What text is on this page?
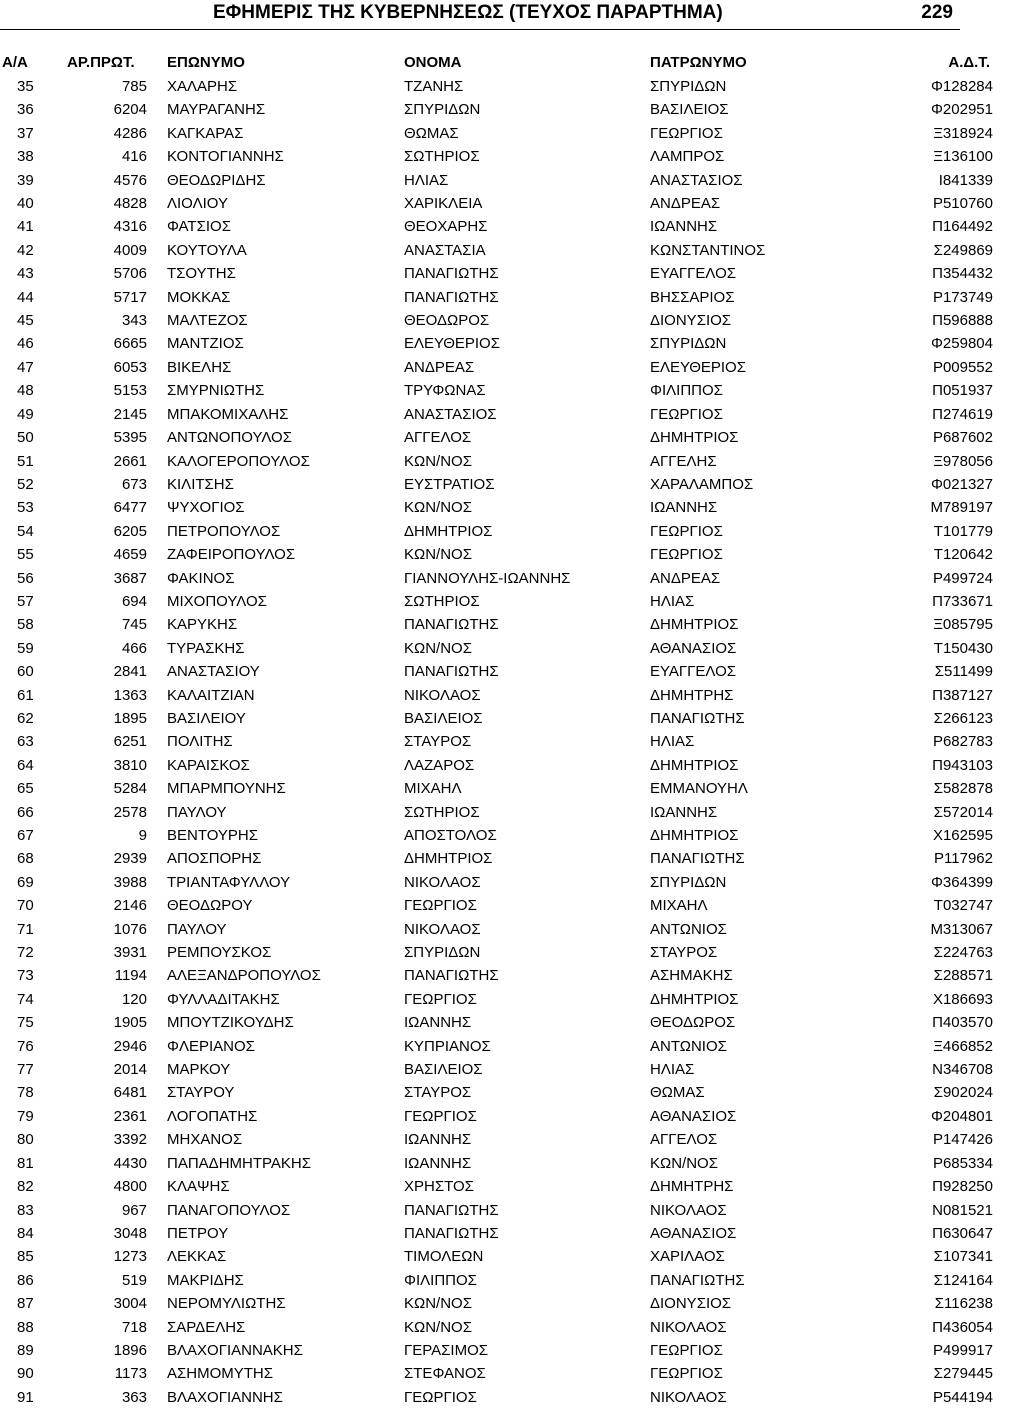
ΕΦΗΜΕΡΙΣ ΤΗΣ ΚΥΒΕΡΝΗΣΕΩΣ (ΤΕΥΧΟΣ ΠΑΡΑΡΤΗΜΑ)	229
Α/Α	ΑΡ.ΠΡΩΤ.	ΕΠΩΝΥΜΟ	ΟΝΟΜΑ	ΠΑΤΡΩΝΥΜΟ	Α.Δ.Τ.
35	785	ΧΑΛΑΡΗΣ	ΤΖΑΝΗΣ	ΣΠΥΡΙΔΩΝ	Φ128284
36	6204	ΜΑΥΡΑΓΑΝΗΣ	ΣΠΥΡΙΔΩΝ	ΒΑΣΙΛΕΙΟΣ	Φ202951
37	4286	ΚΑΓΚΑΡΑΣ	ΘΩΜΑΣ	ΓΕΩΡΓΙΟΣ	Ξ318924
38	416	ΚΟΝΤΟΓΙΑΝΝΗΣ	ΣΩΤΗΡΙΟΣ	ΛΑΜΠΡΟΣ	Ξ136100
39	4576	ΘΕΟΔΩΡΙΔΗΣ	ΗΛΙΑΣ	ΑΝΑΣΤΑΣΙΟΣ	Ι841339
40	4828	ΛΙΟΛΙΟΥ	ΧΑΡΙΚΛΕΙΑ	ΑΝΔΡΕΑΣ	Ρ510760
41	4316	ΦΑΤΣΙΟΣ	ΘΕΟΧΑΡΗΣ	ΙΩΑΝΝΗΣ	Π164492
42	4009	ΚΟΥΤΟΥΛΑ	ΑΝΑΣΤΑΣΙΑ	ΚΩΝΣΤΑΝΤΙΝΟΣ	Σ249869
43	5706	ΤΣΟΥΤΗΣ	ΠΑΝΑΓΙΩΤΗΣ	ΕΥΑΓΓΕΛΟΣ	Π354432
44	5717	ΜΟΚΚΑΣ	ΠΑΝΑΓΙΩΤΗΣ	ΒΗΣΣΑΡΙΟΣ	Ρ173749
45	343	ΜΑΛΤΕΖΟΣ	ΘΕΟΔΩΡΟΣ	ΔΙΟΝΥΣΙΟΣ	Π596888
46	6665	ΜΑΝΤΖΙΟΣ	ΕΛΕΥΘΕΡΙΟΣ	ΣΠΥΡΙΔΩΝ	Φ259804
47	6053	ΒΙΚΕΛΗΣ	ΑΝΔΡΕΑΣ	ΕΛΕΥΘΕΡΙΟΣ	Ρ009552
48	5153	ΣΜΥΡΝΙΩΤΗΣ	ΤΡΥΦΩΝΑΣ	ΦΙΛΙΠΠΟΣ	Π051937
49	2145	ΜΠΑΚΟΜΙΧΑΛΗΣ	ΑΝΑΣΤΑΣΙΟΣ	ΓΕΩΡΓΙΟΣ	Π274619
50	5395	ΑΝΤΩΝΟΠΟΥΛΟΣ	ΑΓΓΕΛΟΣ	ΔΗΜΗΤΡΙΟΣ	Ρ687602
51	2661	ΚΑΛΟΓΕΡΟΠΟΥΛΟΣ	ΚΩΝ/ΝΟΣ	ΑΓΓΕΛΗΣ	Ξ978056
52	673	ΚΙΛΙΤΣΗΣ	ΕΥΣΤΡΑΤΙΟΣ	ΧΑΡΑΛΑΜΠΟΣ	Φ021327
53	6477	ΨΥΧΟΓΙΟΣ	ΚΩΝ/ΝΟΣ	ΙΩΑΝΝΗΣ	Μ789197
54	6205	ΠΕΤΡΟΠΟΥΛΟΣ	ΔΗΜΗΤΡΙΟΣ	ΓΕΩΡΓΙΟΣ	Τ101779
55	4659	ΖΑΦΕΙΡΟΠΟΥΛΟΣ	ΚΩΝ/ΝΟΣ	ΓΕΩΡΓΙΟΣ	Τ120642
56	3687	ΦΑΚΙΝΟΣ	ΓΙΑΝΝΟΥΛΗΣ-ΙΩΑΝΝΗΣ	ΑΝΔΡΕΑΣ	Ρ499724
57	694	ΜΙΧΟΠΟΥΛΟΣ	ΣΩΤΗΡΙΟΣ	ΗΛΙΑΣ	Π733671
58	745	ΚΑΡΥΚΗΣ	ΠΑΝΑΓΙΩΤΗΣ	ΔΗΜΗΤΡΙΟΣ	Ξ085795
59	466	ΤΥΡΑΣΚΗΣ	ΚΩΝ/ΝΟΣ	ΑΘΑΝΑΣΙΟΣ	Τ150430
60	2841	ΑΝΑΣΤΑΣΙΟΥ	ΠΑΝΑΓΙΩΤΗΣ	ΕΥΑΓΓΕΛΟΣ	Σ511499
61	1363	ΚΑΛΑΙΤΖΙΑΝ	ΝΙΚΟΛΑΟΣ	ΔΗΜΗΤΡΗΣ	Π387127
62	1895	ΒΑΣΙΛΕΙΟΥ	ΒΑΣΙΛΕΙΟΣ	ΠΑΝΑΓΙΩΤΗΣ	Σ266123
63	6251	ΠΟΛΙΤΗΣ	ΣΤΑΥΡΟΣ	ΗΛΙΑΣ	Ρ682783
64	3810	ΚΑΡΑΙΣΚΟΣ	ΛΑΖΑΡΟΣ	ΔΗΜΗΤΡΙΟΣ	Π943103
65	5284	ΜΠΑΡΜΠΟΥΝΗΣ	ΜΙΧΑΗΛ	ΕΜΜΑΝΟΥΗΛ	Σ582878
66	2578	ΠΑΥΛΟΥ	ΣΩΤΗΡΙΟΣ	ΙΩΑΝΝΗΣ	Σ572014
67	9	ΒΕΝΤΟΥΡΗΣ	ΑΠΟΣΤΟΛΟΣ	ΔΗΜΗΤΡΙΟΣ	Χ162595
68	2939	ΑΠΟΣΠΟΡΗΣ	ΔΗΜΗΤΡΙΟΣ	ΠΑΝΑΓΙΩΤΗΣ	Ρ117962
69	3988	ΤΡΙΑΝΤΑΦΥΛΛΟΥ	ΝΙΚΟΛΑΟΣ	ΣΠΥΡΙΔΩΝ	Φ364399
70	2146	ΘΕΟΔΩΡΟΥ	ΓΕΩΡΓΙΟΣ	ΜΙΧΑΗΛ	Τ032747
71	1076	ΠΑΥΛΟΥ	ΝΙΚΟΛΑΟΣ	ΑΝΤΩΝΙΟΣ	Μ313067
72	3931	ΡΕΜΠΟΥΣΚΟΣ	ΣΠΥΡΙΔΩΝ	ΣΤΑΥΡΟΣ	Σ224763
73	1194	ΑΛΕΞΑΝΔΡΟΠΟΥΛΟΣ	ΠΑΝΑΓΙΩΤΗΣ	ΑΣΗΜΑΚΗΣ	Σ288571
74	120	ΦΥΛΛΑΔΙΤΑΚΗΣ	ΓΕΩΡΓΙΟΣ	ΔΗΜΗΤΡΙΟΣ	Χ186693
75	1905	ΜΠΟΥΤΖΙΚΟΥΔΗΣ	ΙΩΑΝΝΗΣ	ΘΕΟΔΩΡΟΣ	Π403570
76	2946	ΦΛΕΡΙΑΝΟΣ	ΚΥΠΡΙΑΝΟΣ	ΑΝΤΩΝΙΟΣ	Ξ466852
77	2014	ΜΑΡΚΟΥ	ΒΑΣΙΛΕΙΟΣ	ΗΛΙΑΣ	Ν346708
78	6481	ΣΤΑΥΡΟΥ	ΣΤΑΥΡΟΣ	ΘΩΜΑΣ	Σ902024
79	2361	ΛΟΓΟΠΑΤΗΣ	ΓΕΩΡΓΙΟΣ	ΑΘΑΝΑΣΙΟΣ	Φ204801
80	3392	ΜΗΧΑΝΟΣ	ΙΩΑΝΝΗΣ	ΑΓΓΕΛΟΣ	Ρ147426
81	4430	ΠΑΠΑΔΗΜΗΤΡΑΚΗΣ	ΙΩΑΝΝΗΣ	ΚΩΝ/ΝΟΣ	Ρ685334
82	4800	ΚΛΑΨΗΣ	ΧΡΗΣΤΟΣ	ΔΗΜΗΤΡΗΣ	Π928250
83	967	ΠΑΝΑΓΟΠΟΥΛΟΣ	ΠΑΝΑΓΙΩΤΗΣ	ΝΙΚΟΛΑΟΣ	Ν081521
84	3048	ΠΕΤΡΟΥ	ΠΑΝΑΓΙΩΤΗΣ	ΑΘΑΝΑΣΙΟΣ	Π630647
85	1273	ΛΕΚΚΑΣ	ΤΙΜΟΛΕΩΝ	ΧΑΡΙΛΑΟΣ	Σ107341
86	519	ΜΑΚΡΙΔΗΣ	ΦΙΛΙΠΠΟΣ	ΠΑΝΑΓΙΩΤΗΣ	Σ124164
87	3004	ΝΕΡΟΜΥΛΙΩΤΗΣ	ΚΩΝ/ΝΟΣ	ΔΙΟΝΥΣΙΟΣ	Σ116238
88	718	ΣΑΡΔΕΛΗΣ	ΚΩΝ/ΝΟΣ	ΝΙΚΟΛΑΟΣ	Π436054
89	1896	ΒΛΑΧΟΓΙΑΝΝΑΚΗΣ	ΓΕΡΑΣΙΜΟΣ	ΓΕΩΡΓΙΟΣ	Ρ499917
90	1173	ΑΣΗΜΟΜΥΤΗΣ	ΣΤΕΦΑΝΟΣ	ΓΕΩΡΓΙΟΣ	Σ279445
91	363	ΒΛΑΧΟΓΙΑΝΝΗΣ	ΓΕΩΡΓΙΟΣ	ΝΙΚΟΛΑΟΣ	Ρ544194
